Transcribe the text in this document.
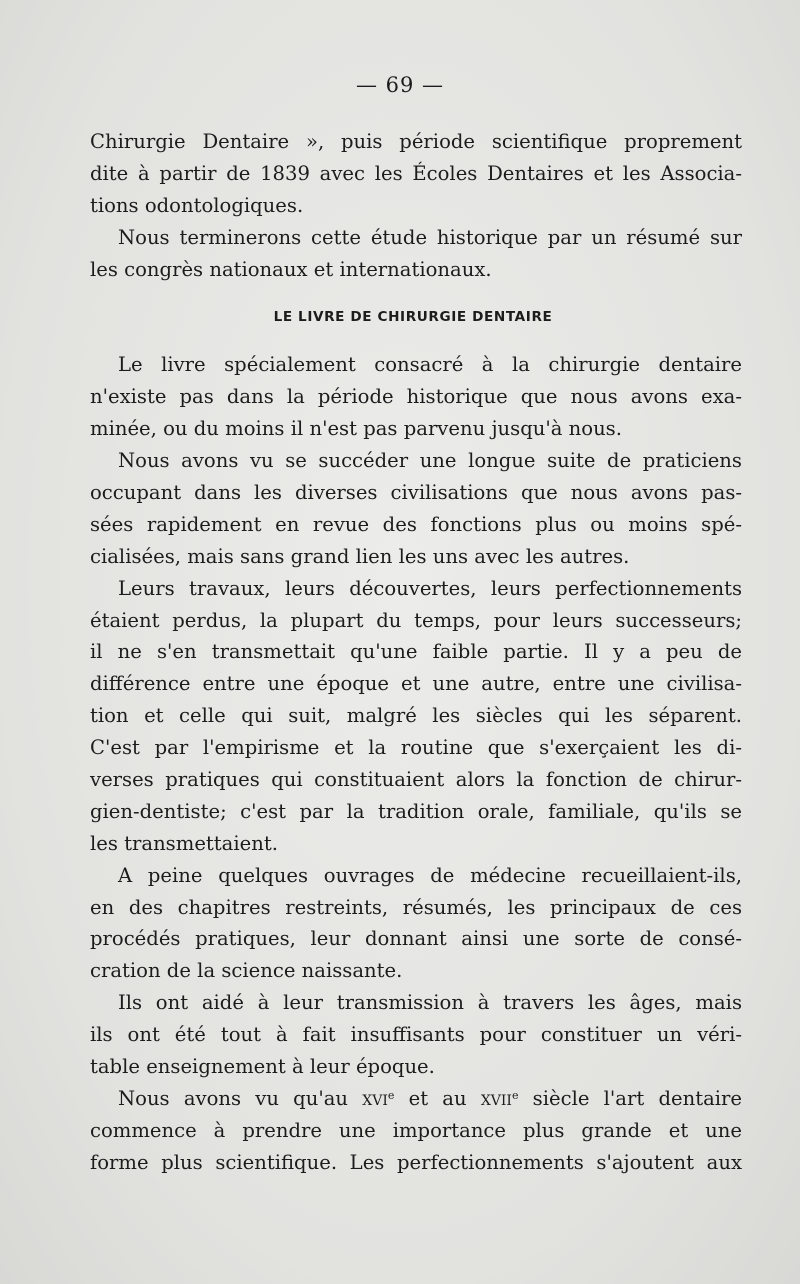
— 69 —
Chirurgie Dentaire », puis période scientifique proprement
dite à partir de 1839 avec les Écoles Dentaires et les Associa-
tions odontologiques.
Nous terminerons cette étude historique par un résumé sur
les congrès nationaux et internationaux.
LE LIVRE DE CHIRURGIE DENTAIRE
Le livre spécialement consacré à la chirurgie dentaire
n'existe pas dans la période historique que nous avons exa-
minée, ou du moins il n'est pas parvenu jusqu'à nous.
Nous avons vu se succéder une longue suite de praticiens
occupant dans les diverses civilisations que nous avons pas-
sées rapidement en revue des fonctions plus ou moins spé-
cialisées, mais sans grand lien les uns avec les autres.
Leurs travaux, leurs découvertes, leurs perfectionnements
étaient perdus, la plupart du temps, pour leurs successeurs;
il ne s'en transmettait qu'une faible partie. Il y a peu de
différence entre une époque et une autre, entre une civilisa-
tion et celle qui suit, malgré les siècles qui les séparent.
C'est par l'empirisme et la routine que s'exerçaient les di-
verses pratiques qui constituaient alors la fonction de chirur-
gien-dentiste; c'est par la tradition orale, familiale, qu'ils se
les transmettaient.
A peine quelques ouvrages de médecine recueillaient-ils,
en des chapitres restreints, résumés, les principaux de ces
procédés pratiques, leur donnant ainsi une sorte de consé-
cration de la science naissante.
Ils ont aidé à leur transmission à travers les âges, mais
ils ont été tout à fait insuffisants pour constituer un véri-
table enseignement à leur époque.
Nous avons vu qu'au xvi$^e$ et au xvii$^e$ siècle l'art dentaire
commence à prendre une importance plus grande et une
forme plus scientifique. Les perfectionnements s'ajoutent aux
